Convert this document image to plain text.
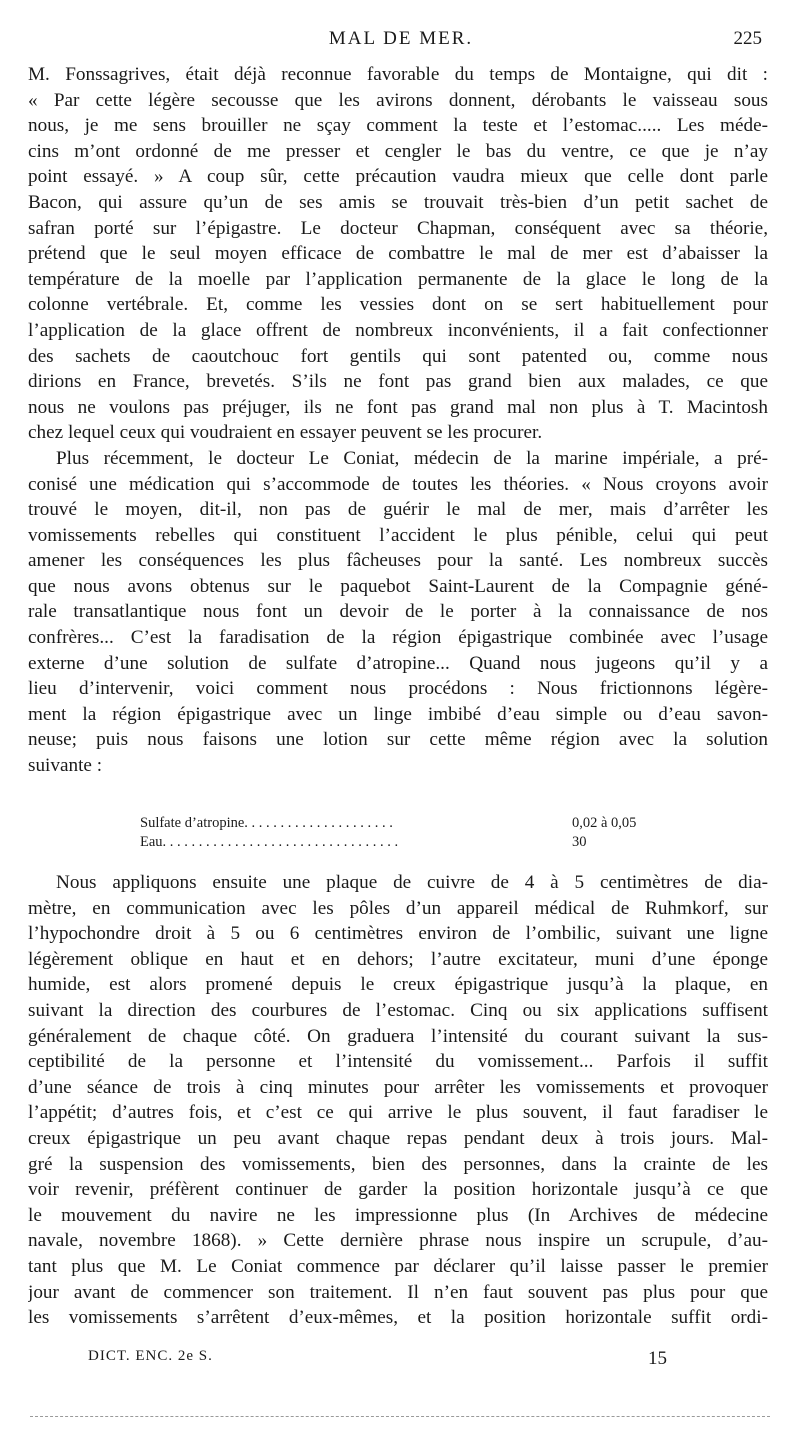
MAL DE MER.	225
M. Fonssagrives, était déjà reconnue favorable du temps de Montaigne, qui dit :
« Par cette légère secousse que les avirons donnent, dérobants le vaisseau sous
nous, je me sens brouiller ne sçay comment la teste et l’estomac..... Les méde-
cins m’ont ordonné de me presser et cengler le bas du ventre, ce que je n’ay
point essayé. » A coup sûr, cette précaution vaudra mieux que celle dont parle
Bacon, qui assure qu’un de ses amis se trouvait très-bien d’un petit sachet de
safran porté sur l’épigastre. Le docteur Chapman, conséquent avec sa théorie,
prétend que le seul moyen efficace de combattre le mal de mer est d’abaisser la
température de la moelle par l’application permanente de la glace le long de la
colonne vertébrale. Et, comme les vessies dont on se sert habituellement pour
l’application de la glace offrent de nombreux inconvénients, il a fait confectionner
des sachets de caoutchouc fort gentils qui sont patented ou, comme nous
dirions en France, brevetés. S’ils ne font pas grand bien aux malades, ce que
nous ne voulons pas préjuger, ils ne font pas grand mal non plus à T. Macintosh
chez lequel ceux qui voudraient en essayer peuvent se les procurer.
Plus récemment, le docteur Le Coniat, médecin de la marine impériale, a pré-
conisé une médication qui s’accommode de toutes les théories. « Nous croyons avoir
trouvé le moyen, dit-il, non pas de guérir le mal de mer, mais d’arrêter les
vomissements rebelles qui constituent l’accident le plus pénible, celui qui peut
amener les conséquences les plus fâcheuses pour la santé. Les nombreux succès
que nous avons obtenus sur le paquebot Saint-Laurent de la Compagnie géné-
rale transatlantique nous font un devoir de le porter à la connaissance de nos
confrères... C’est la faradisation de la région épigastrique combinée avec l’usage
externe d’une solution de sulfate d’atropine... Quand nous jugeons qu’il y a
lieu d’intervenir, voici comment nous procédons : Nous frictionnons légère-
ment la région épigastrique avec un linge imbibé d’eau simple ou d’eau savon-
neuse; puis nous faisons une lotion sur cette même région avec la solution
suivante :
Sulfate d’atropine. . . . . . . . . . . . . . . . . . . . .	0,02 à 0,05
Eau. . . . . . . . . . . . . . . . . . . . . . . . . . . . . . . . .	30
Nous appliquons ensuite une plaque de cuivre de 4 à 5 centimètres de dia-
mètre, en communication avec les pôles d’un appareil médical de Ruhmkorf, sur
l’hypochondre droit à 5 ou 6 centimètres environ de l’ombilic, suivant une ligne
légèrement oblique en haut et en dehors; l’autre excitateur, muni d’une éponge
humide, est alors promené depuis le creux épigastrique jusqu’à la plaque, en
suivant la direction des courbures de l’estomac. Cinq ou six applications suffisent
généralement de chaque côté. On graduera l’intensité du courant suivant la sus-
ceptibilité de la personne et l’intensité du vomissement... Parfois il suffit
d’une séance de trois à cinq minutes pour arrêter les vomissements et provoquer
l’appétit; d’autres fois, et c’est ce qui arrive le plus souvent, il faut faradiser le
creux épigastrique un peu avant chaque repas pendant deux à trois jours. Mal-
gré la suspension des vomissements, bien des personnes, dans la crainte de les
voir revenir, préfèrent continuer de garder la position horizontale jusqu’à ce que
le mouvement du navire ne les impressionne plus (In Archives de médecine
navale, novembre 1868). » Cette dernière phrase nous inspire un scrupule, d’au-
tant plus que M. Le Coniat commence par déclarer qu’il laisse passer le premier
jour avant de commencer son traitement. Il n’en faut souvent pas plus pour que
les vomissements s’arrêtent d’eux-mêmes, et la position horizontale suffit ordi-
DICT. ENC. 2e S.	15
